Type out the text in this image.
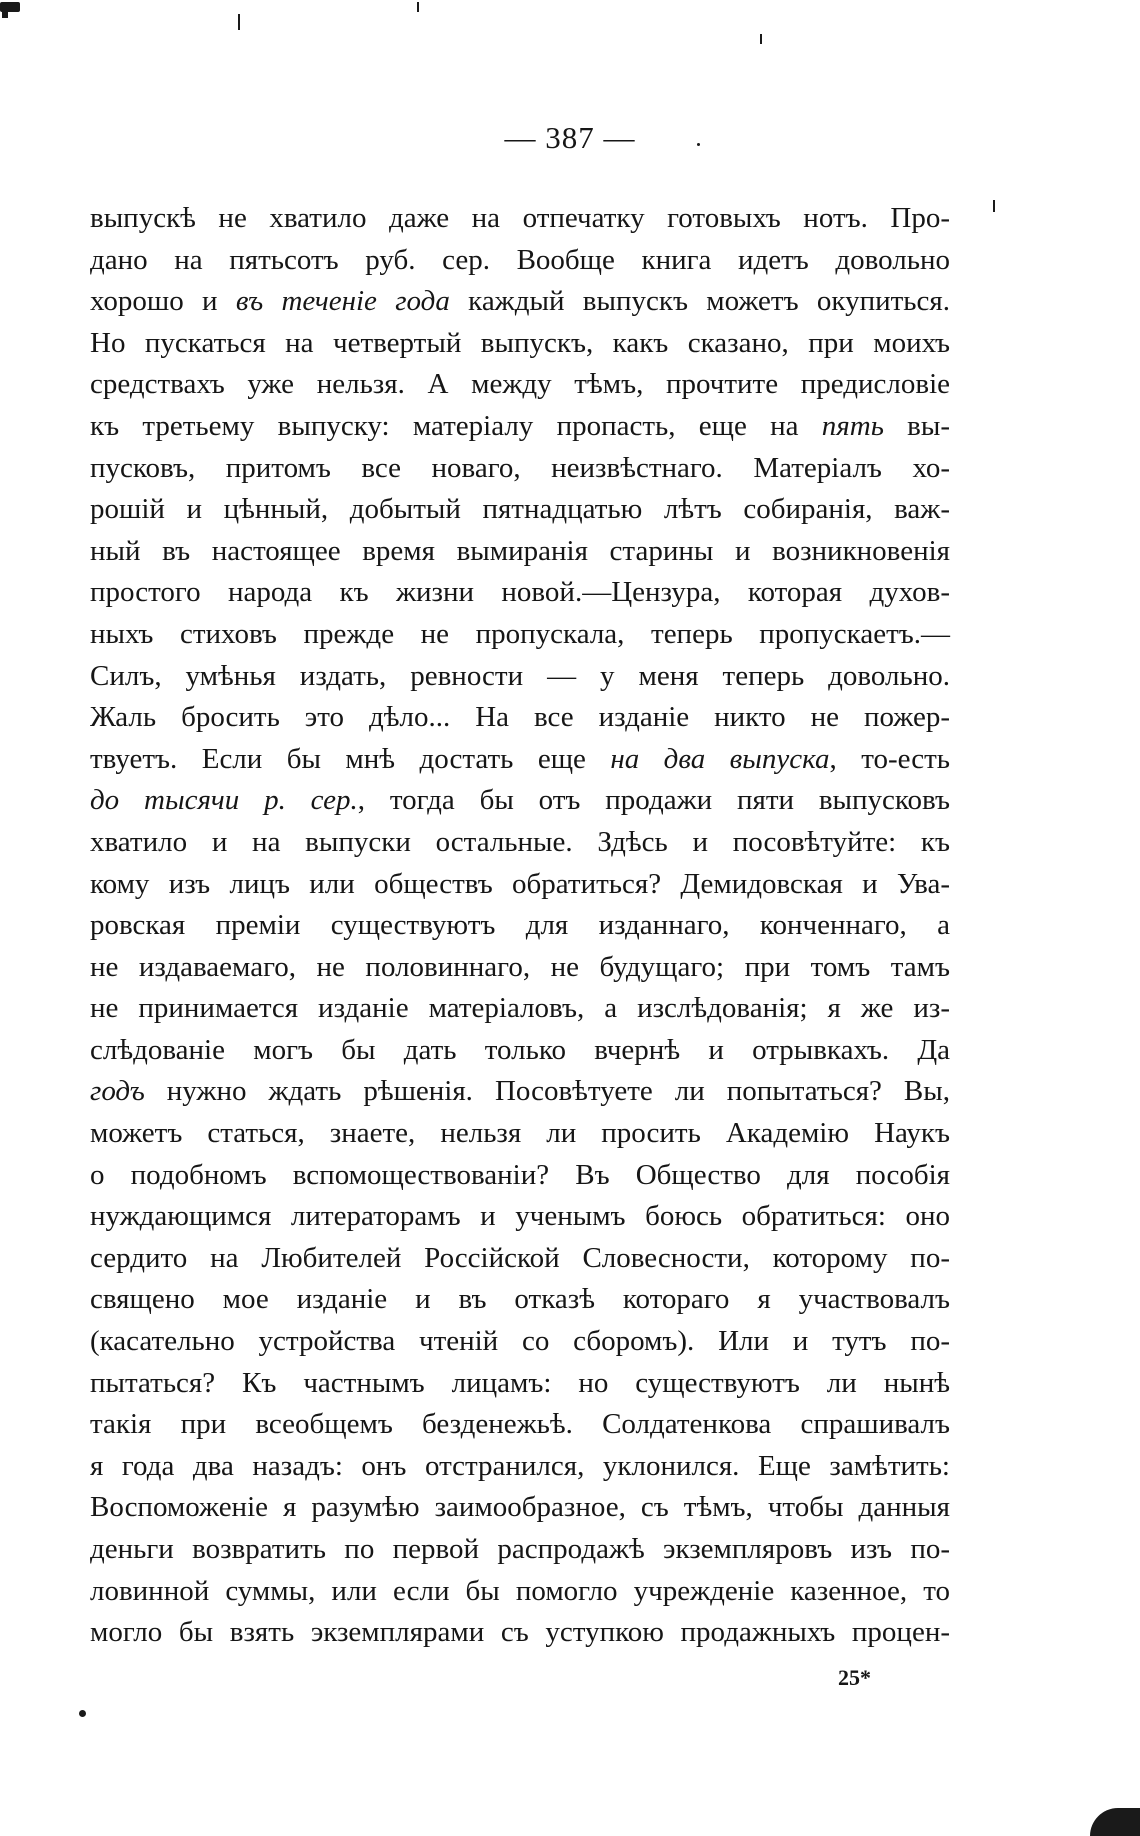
— 387 —
выпускѣ не хватило даже на отпечатку готовыхъ нотъ. Про-
дано на пятьсотъ руб. сер. Вообще книга идетъ довольно
хорошо и въ теченіе года каждый выпускъ можетъ окупиться.
Но пускаться на четвертый выпускъ, какъ сказано, при моихъ
средствахъ уже нельзя. А между тѣмъ, прочтите предисловіе
къ третьему выпуску: матеріалу пропасть, еще на пять вы-
пусковъ, притомъ все новаго, неизвѣстнаго. Матеріалъ хо-
рошій и цѣнный, добытый пятнадцатью лѣтъ собиранія, важ-
ный въ настоящее время вымиранія старины и возникновенія
простого народа къ жизни новой.—Цензура, которая духов-
ныхъ стиховъ прежде не пропускала, теперь пропускаетъ.—
Силъ, умѣнья издать, ревности — у меня теперь довольно.
Жаль бросить это дѣло... На все изданіе никто не пожер-
твуетъ. Если бы мнѣ достать еще на два выпуска, то-есть
до тысячи р. сер., тогда бы отъ продажи пяти выпусковъ
хватило и на выпуски остальные. Здѣсь и посовѣтуйте: къ
кому изъ лицъ или обществъ обратиться? Демидовская и Ува-
ровская преміи существуютъ для изданнаго, конченнаго, а
не издаваемаго, не половиннаго, не будущаго; при томъ тамъ
не принимается изданіе матеріаловъ, а изслѣдованія; я же из-
слѣдованіе могъ бы дать только вчернѣ и отрывкахъ. Да
годъ нужно ждать рѣшенія. Посовѣтуете ли попытаться? Вы,
можетъ статься, знаете, нельзя ли просить Академію Наукъ
о подобномъ вспомоществованіи? Въ Общество для пособія
нуждающимся литераторамъ и ученымъ боюсь обратиться: оно
сердито на Любителей Россійской Словесности, которому по-
священо мое изданіе и въ отказѣ котораго я участвовалъ
(касательно устройства чтеній со сборомъ). Или и тутъ по-
пытаться? Къ частнымъ лицамъ: но существуютъ ли нынѣ
такія при всеобщемъ безденежьѣ. Солдатенкова спрашивалъ
я года два назадъ: онъ отстранился, уклонился. Еще замѣтить:
Воспоможеніе я разумѣю заимообразное, съ тѣмъ, чтобы данныя
деньги возвратить по первой распродажѣ экземпляровъ изъ по-
ловинной суммы, или если бы помогло учрежденіе казенное, то
могло бы взять экземплярами съ уступкою продажныхъ процен-
25*
